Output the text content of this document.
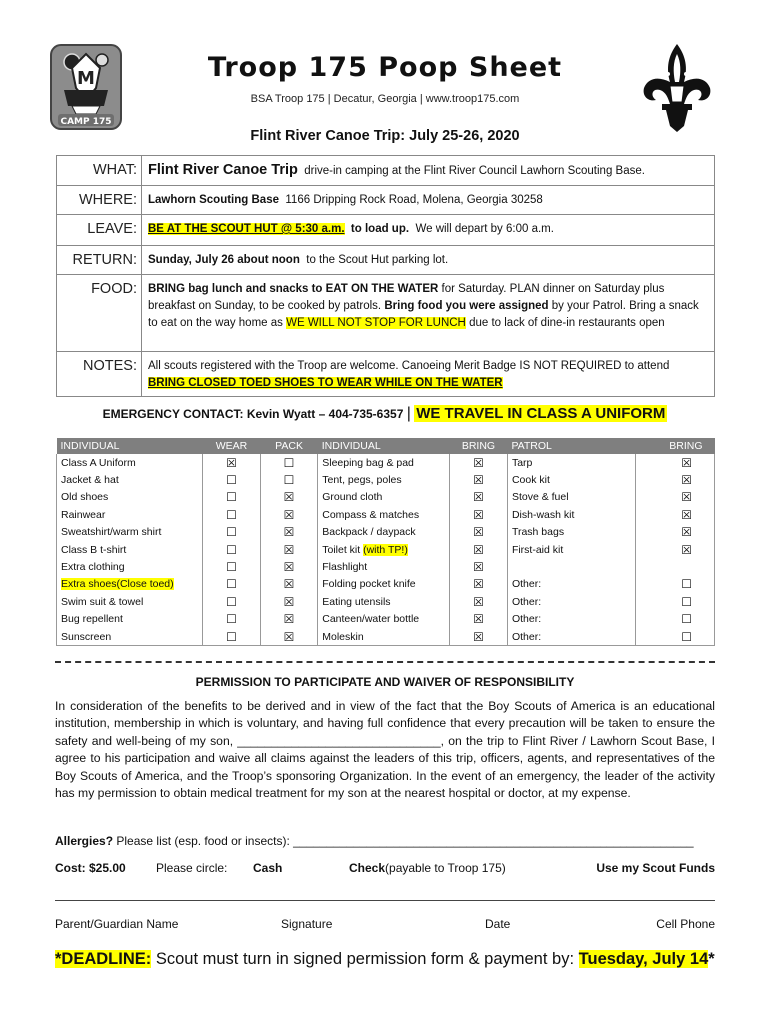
M
CAMP 175
Troop 175 Poop Sheet
BSA Troop 175 | Decatur, Georgia | www.troop175.com
Flint River Canoe Trip: July 25-26, 2020
WHAT:	Flint River Canoe Trip drive-in camping at the Flint River Council Lawhorn Scouting Base.
WHERE:	Lawhorn Scouting Base 1166 Dripping Rock Road, Molena, Georgia 30258
LEAVE:	BE AT THE SCOUT HUT @ 5:30 a.m. to load up. We will depart by 6:00 a.m.
RETURN:	Sunday, July 26 about noon to the Scout Hut parking lot.
FOOD:	BRING bag lunch and snacks to EAT ON THE WATER for Saturday. PLAN dinner on Saturday plus breakfast on Sunday, to be cooked by patrols. Bring food you were assigned by your Patrol. Bring a snack to eat on the way home as WE WILL NOT STOP FOR LUNCH due to lack of dine-in restaurants open
NOTES:	All scouts registered with the Troop are welcome. Canoeing Merit Badge IS NOT REQUIRED to attend
BRING CLOSED TOED SHOES TO WEAR WHILE ON THE WATER
EMERGENCY CONTACT: Kevin Wyatt – 404-735-6357 | WE TRAVEL IN CLASS A UNIFORM
INDIVIDUAL	WEAR	PACK	INDIVIDUAL	BRING	PATROL	BRING
Class A Uniform	☒	☐	Sleeping bag & pad	☒	Tarp	☒
Jacket & hat	☐	☐	Tent, pegs, poles	☒	Cook kit	☒
Old shoes	☐	☒	Ground cloth	☒	Stove & fuel	☒
Rainwear	☐	☒	Compass & matches	☒	Dish-wash kit	☒
Sweatshirt/warm shirt	☐	☒	Backpack / daypack	☒	Trash bags	☒
Class B t-shirt	☐	☒	Toilet kit (with TP!)	☒	First-aid kit	☒
Extra clothing	☐	☒	Flashlight	☒		
Extra shoes(Close toed)	☐	☒	Folding pocket knife	☒	Other:	☐
Swim suit & towel	☐	☒	Eating utensils	☒	Other:	☐
Bug repellent	☐	☒	Canteen/water bottle	☒	Other:	☐
Sunscreen	☐	☒	Moleskin	☒	Other:	☐
PERMISSION TO PARTICIPATE AND WAIVER OF RESPONSIBILITY
In consideration of the benefits to be derived and in view of the fact that the Boy Scouts of America is an educational institution, membership in which is voluntary, and having full confidence that every precaution will be taken to ensure the safety and well-being of my son, ______________________________, on the trip to Flint River / Lawhorn Scout Base, I agree to his participation and waive all claims against the leaders of this trip, officers, agents, and representatives of the Boy Scouts of America, and the Troop’s sponsoring Organization. In the event of an emergency, the leader of the activity has my permission to obtain medical treatment for my son at the nearest hospital or doctor, at my expense.
Allergies? Please list (esp. food or insects): ____________________________________________________________
Cost: $25.00	Please circle: Cash	Check (payable to Troop 175)	Use my Scout Funds
Parent/Guardian Name	Signature	Date	Cell Phone
*DEADLINE: Scout must turn in signed permission form & payment by: Tuesday, July 14*
